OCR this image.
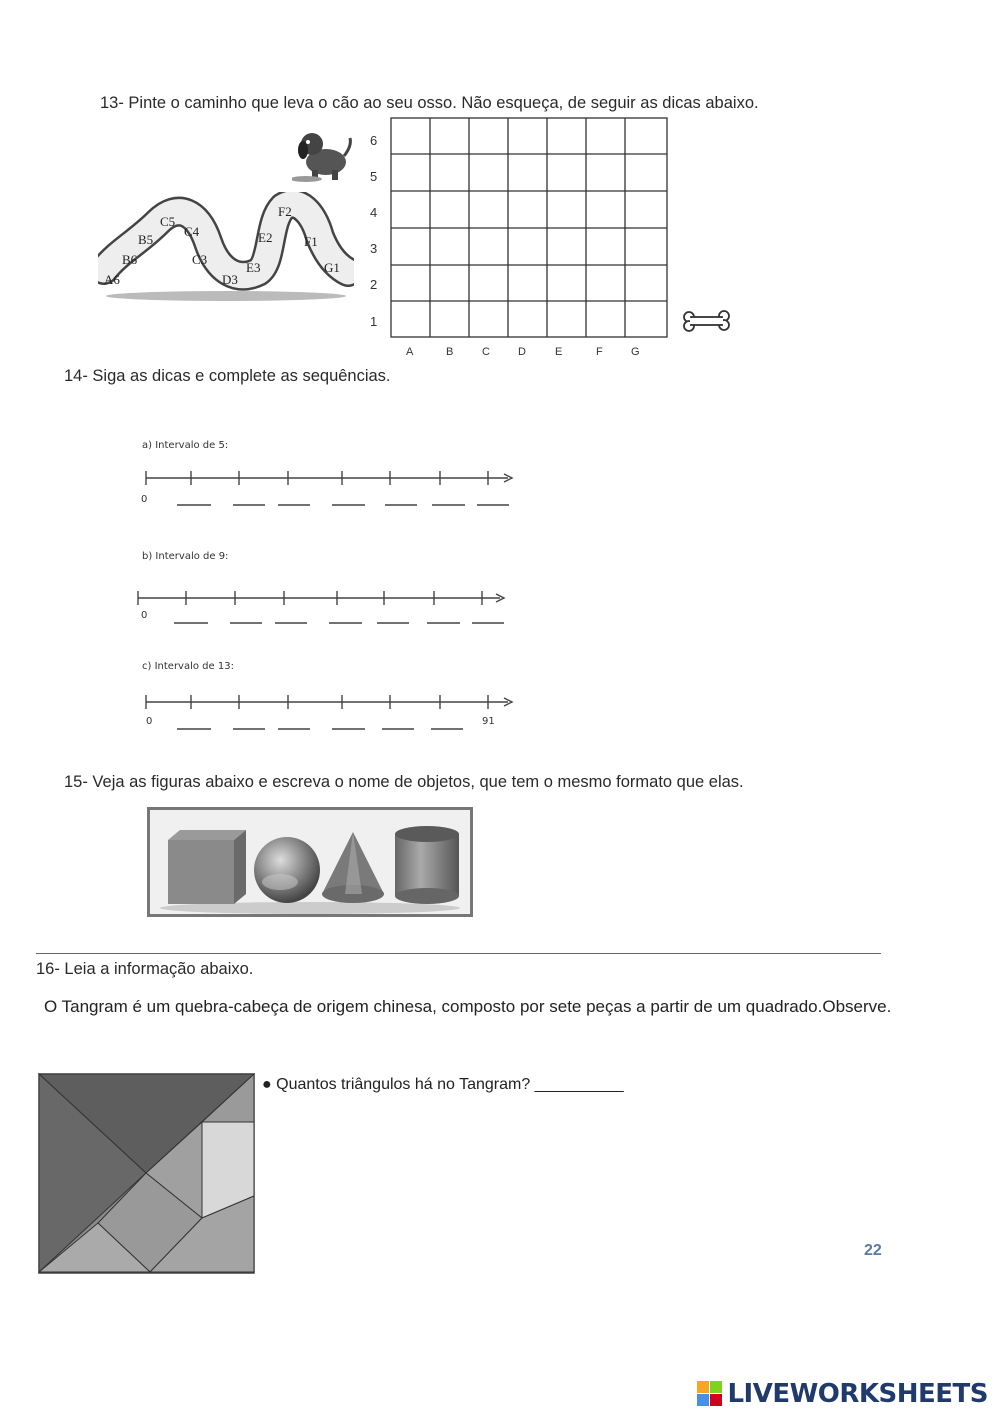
13- Pinte o caminho que leva o cão ao seu osso. Não esqueça, de seguir as dicas abaixo.
A6
B6
B5
C5
C4
C3
D3
E3
E2
F2
F1
G1
6
5
4
3
2
1
A	B	C	D	E	F	G
14- Siga as dicas e complete as sequências.
a) Intervalo de 5:
0
b) Intervalo de 9:
0
c) Intervalo de 13:
0	91
15- Veja as figuras abaixo e escreva o nome de objetos, que tem o mesmo formato que elas.
16- Leia a informação abaixo.
O Tangram é um quebra-cabeça de origem chinesa, composto por sete peças a partir de um quadrado.Observe.
● Quantos triângulos há no Tangram? __________
22
LIVEWORKSHEETS
